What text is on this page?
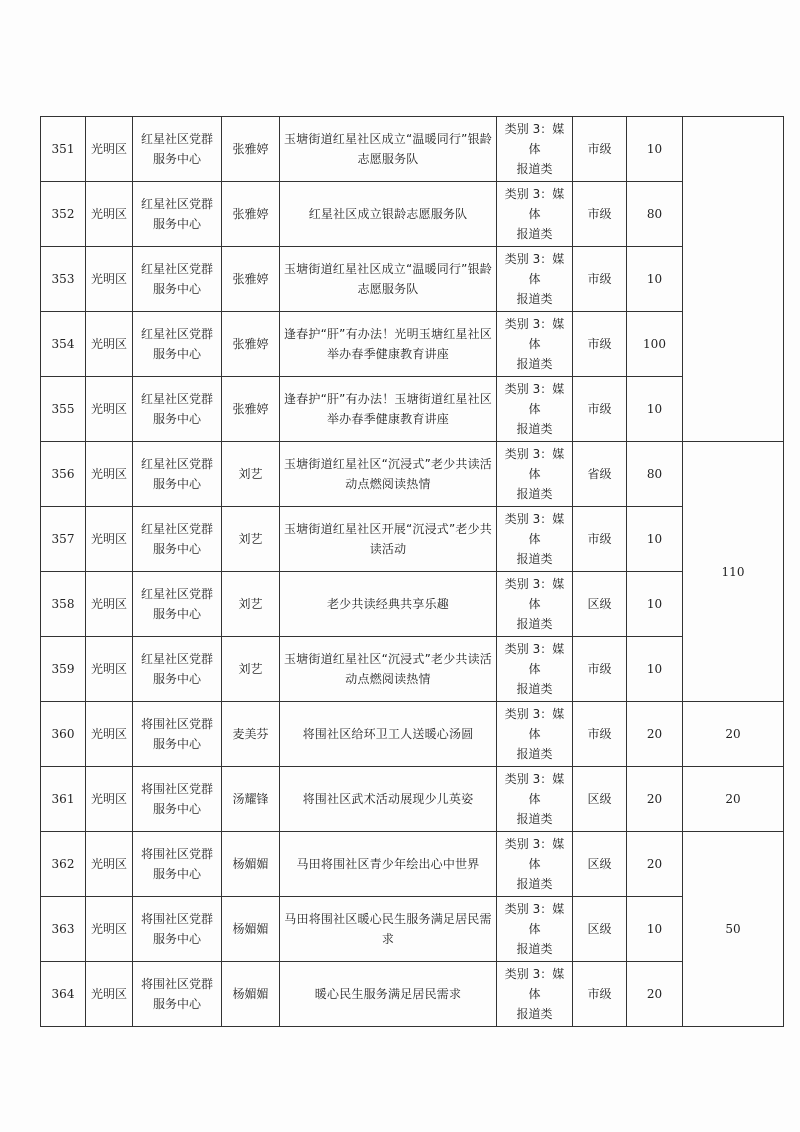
351	光明区	红星社区党群
服务中心	张雅婷	玉塘街道红星社区成立“温暖同行”银龄
志愿服务队	类别 3：媒体
报道类	市级	10	
352	光明区	红星社区党群
服务中心	张雅婷	红星社区成立银龄志愿服务队	类别 3：媒体
报道类	市级	80	
353	光明区	红星社区党群
服务中心	张雅婷	玉塘街道红星社区成立“温暖同行”银龄
志愿服务队	类别 3：媒体
报道类	市级	10	
354	光明区	红星社区党群
服务中心	张雅婷	逢春护“肝”有办法！光明玉塘红星社区
举办春季健康教育讲座	类别 3：媒体
报道类	市级	100	
355	光明区	红星社区党群
服务中心	张雅婷	逢春护“肝”有办法！玉塘街道红星社区
举办春季健康教育讲座	类别 3：媒体
报道类	市级	10	
356	光明区	红星社区党群
服务中心	刘艺	玉塘街道红星社区“沉浸式”老少共读活
动点燃阅读热情	类别 3：媒体
报道类	省级	80	110
357	光明区	红星社区党群
服务中心	刘艺	玉塘街道红星社区开展“沉浸式”老少共
读活动	类别 3：媒体
报道类	市级	10	
358	光明区	红星社区党群
服务中心	刘艺	老少共读经典共享乐趣	类别 3：媒体
报道类	区级	10	
359	光明区	红星社区党群
服务中心	刘艺	玉塘街道红星社区“沉浸式”老少共读活
动点燃阅读热情	类别 3：媒体
报道类	市级	10	
360	光明区	将围社区党群
服务中心	麦美芬	将围社区给环卫工人送暖心汤圆	类别 3：媒体
报道类	市级	20	20
361	光明区	将围社区党群
服务中心	汤耀锋	将围社区武术活动展现少儿英姿	类别 3：媒体
报道类	区级	20	20
362	光明区	将围社区党群
服务中心	杨媚媚	马田将围社区青少年绘出心中世界	类别 3：媒体
报道类	区级	20	50
363	光明区	将围社区党群
服务中心	杨媚媚	马田将围社区暖心民生服务满足居民需
求	类别 3：媒体
报道类	区级	10	
364	光明区	将围社区党群
服务中心	杨媚媚	暖心民生服务满足居民需求	类别 3：媒体
报道类	市级	20	
